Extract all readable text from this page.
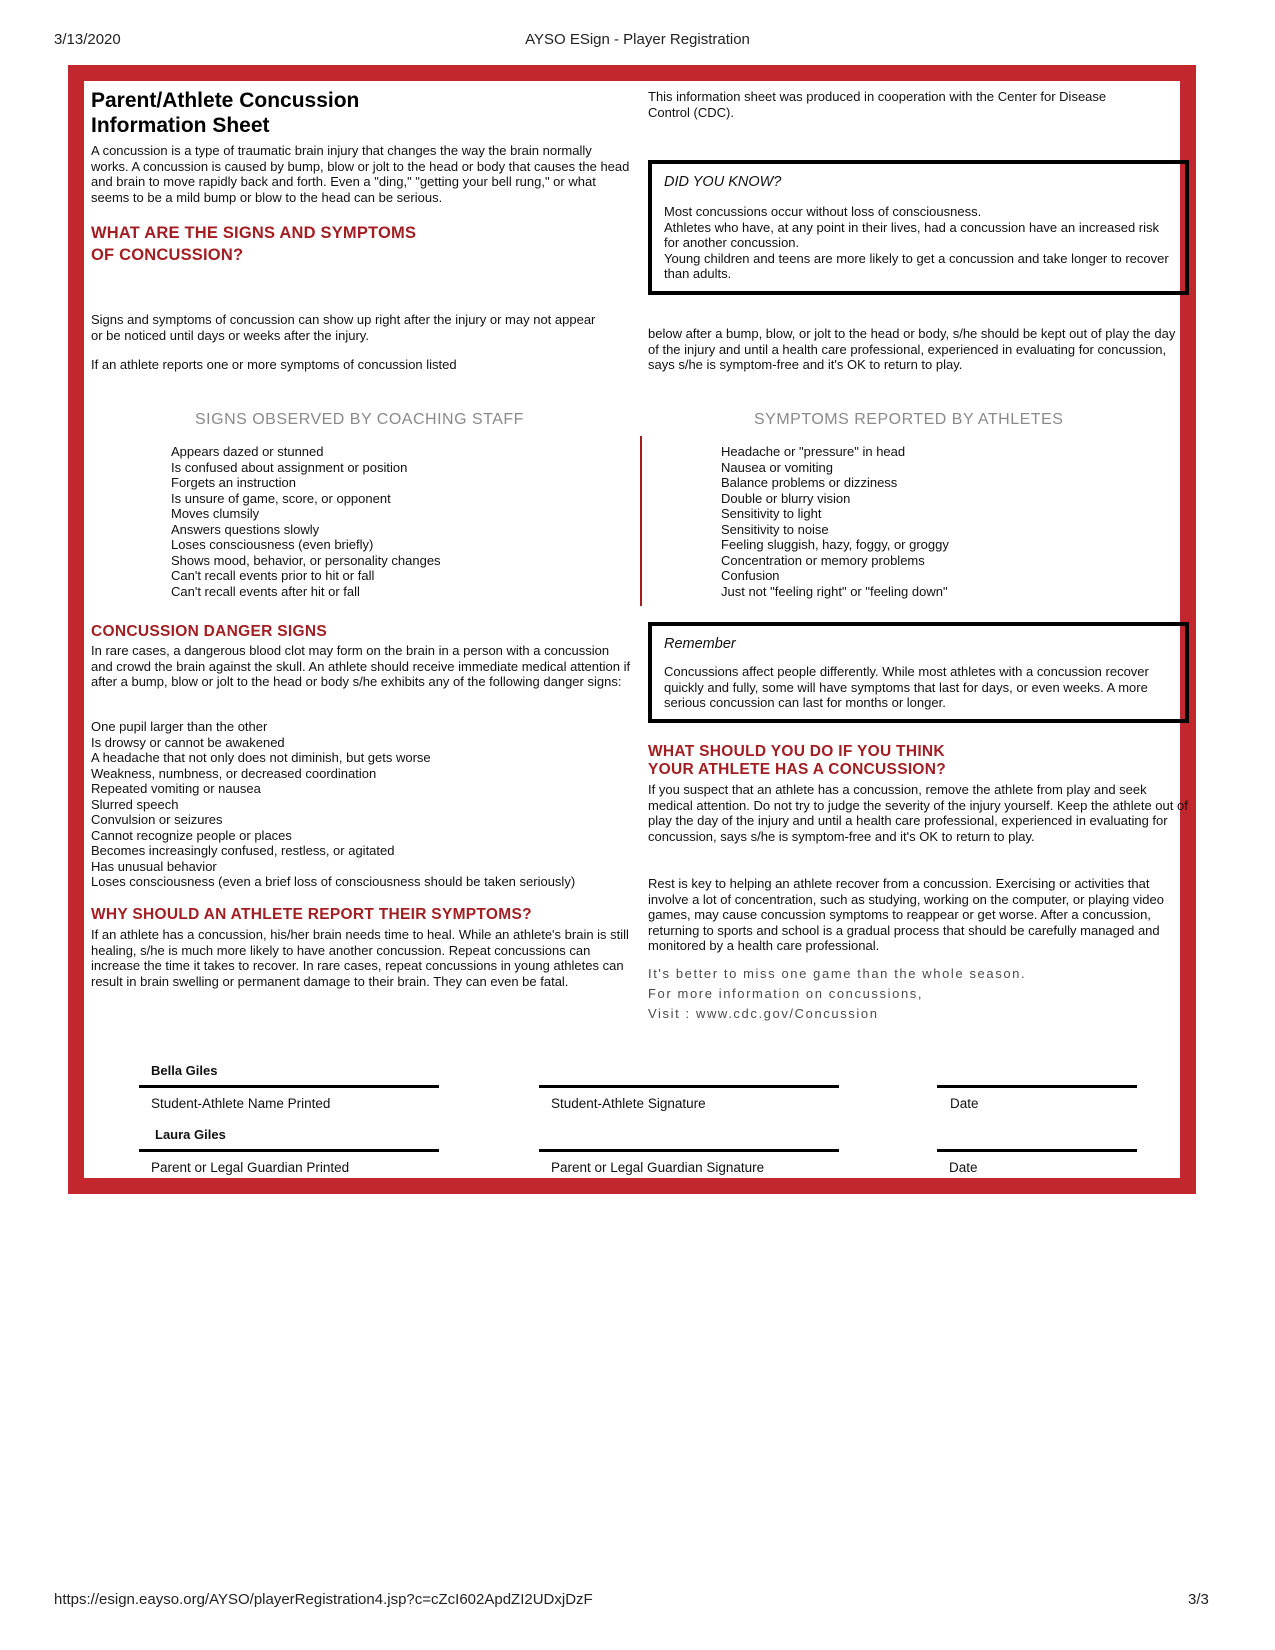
3/13/2020	AYSO ESign - Player Registration
Parent/Athlete Concussion
Information Sheet
A concussion is a type of traumatic brain injury that changes the way the brain normally works. A concussion is caused by bump, blow or jolt to the head or body that causes the head and brain to move rapidly back and forth. Even a "ding," "getting your bell rung," or what seems to be a mild bump or blow to the head can be serious.
WHAT ARE THE SIGNS AND SYMPTOMS
OF CONCUSSION?
This information sheet was produced in cooperation with the Center for Disease Control (CDC).
DID YOU KNOW?
Most concussions occur without loss of consciousness.
Athletes who have, at any point in their lives, had a concussion have an increased risk for another concussion.
Young children and teens are more likely to get a concussion and take longer to recover than adults.
Signs and symptoms of concussion can show up right after the injury or may not appear or be noticed until days or weeks after the injury.
If an athlete reports one or more symptoms of concussion listed
below after a bump, blow, or jolt to the head or body, s/he should be kept out of play the day of the injury and until a health care professional, experienced in evaluating for concussion, says s/he is symptom-free and it's OK to return to play.
SIGNS OBSERVED BY COACHING STAFF	SYMPTOMS REPORTED BY ATHLETES
Appears dazed or stunned
Is confused about assignment or position
Forgets an instruction
Is unsure of game, score, or opponent
Moves clumsily
Answers questions slowly
Loses consciousness (even briefly)
Shows mood, behavior, or personality changes
Can't recall events prior to hit or fall
Can't recall events after hit or fall
Headache or "pressure" in head
Nausea or vomiting
Balance problems or dizziness
Double or blurry vision
Sensitivity to light
Sensitivity to noise
Feeling sluggish, hazy, foggy, or groggy
Concentration or memory problems
Confusion
Just not "feeling right" or "feeling down"
CONCUSSION DANGER SIGNS
In rare cases, a dangerous blood clot may form on the brain in a person with a concussion and crowd the brain against the skull. An athlete should receive immediate medical attention if after a bump, blow or jolt to the head or body s/he exhibits any of the following danger signs:
One pupil larger than the other
Is drowsy or cannot be awakened
A headache that not only does not diminish, but gets worse
Weakness, numbness, or decreased coordination
Repeated vomiting or nausea
Slurred speech
Convulsion or seizures
Cannot recognize people or places
Becomes increasingly confused, restless, or agitated
Has unusual behavior
Loses consciousness (even a brief loss of consciousness should be taken seriously)
WHY SHOULD AN ATHLETE REPORT THEIR SYMPTOMS?
If an athlete has a concussion, his/her brain needs time to heal. While an athlete's brain is still healing, s/he is much more likely to have another concussion. Repeat concussions can increase the time it takes to recover. In rare cases, repeat concussions in young athletes can result in brain swelling or permanent damage to their brain. They can even be fatal.
Remember
Concussions affect people differently. While most athletes with a concussion recover quickly and fully, some will have symptoms that last for days, or even weeks. A more serious concussion can last for months or longer.
WHAT SHOULD YOU DO IF YOU THINK
YOUR ATHLETE HAS A CONCUSSION?
If you suspect that an athlete has a concussion, remove the athlete from play and seek medical attention. Do not try to judge the severity of the injury yourself. Keep the athlete out of play the day of the injury and until a health care professional, experienced in evaluating for concussion, says s/he is symptom-free and it's OK to return to play.
Rest is key to helping an athlete recover from a concussion. Exercising or activities that involve a lot of concentration, such as studying, working on the computer, or playing video games, may cause concussion symptoms to reappear or get worse. After a concussion, returning to sports and school is a gradual process that should be carefully managed and monitored by a health care professional.
It's better to miss one game than the whole season.
For more information on concussions,
Visit : www.cdc.gov/Concussion
Bella Giles
Student-Athlete Name Printed	Student-Athlete Signature	Date
Laura Giles
Parent or Legal Guardian Printed	Parent or Legal Guardian Signature	Date
https://esign.eayso.org/AYSO/playerRegistration4.jsp?c=cZcI602ApdZI2UDxjDzF	3/3
